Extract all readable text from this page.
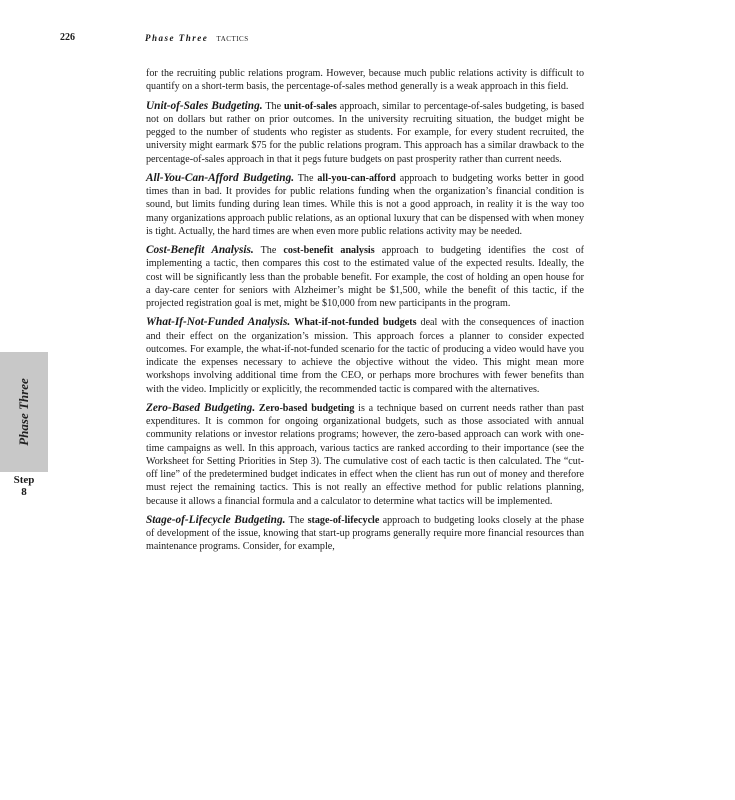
226	Phase Three TACTICS
Phase Three
Step
8

for the recruiting public relations program. However, because much public relations activity is difficult to quantify on a short-term basis, the percentage-of-sales method generally is a weak approach in this field.

Unit-of-Sales Budgeting. The unit-of-sales approach, similar to percentage-of-sales budgeting, is based not on dollars but rather on prior outcomes. In the university recruiting situation, the budget might be pegged to the number of students who register as students. For example, for every student recruited, the university might earmark $75 for the public relations program. This approach has a similar drawback to the percentage-of-sales approach in that it pegs future budgets on past prosperity rather than current needs.

All-You-Can-Afford Budgeting. The all-you-can-afford approach to budgeting works better in good times than in bad. It provides for public relations funding when the organization’s financial condition is sound, but limits funding during lean times. While this is not a good approach, in reality it is the way too many organizations approach public relations, as an optional luxury that can be dispensed with when money is tight. Actually, the hard times are when even more public relations activity may be needed.

Cost-Benefit Analysis. The cost-benefit analysis approach to budgeting identifies the cost of implementing a tactic, then compares this cost to the estimated value of the expected results. Ideally, the cost will be significantly less than the probable benefit. For example, the cost of holding an open house for a day-care center for seniors with Alzheimer’s might be $1,500, while the benefit of this tactic, if the projected registration goal is met, might be $10,000 from new participants in the program.

What-If-Not-Funded Analysis. What-if-not-funded budgets deal with the consequences of inaction and their effect on the organization’s mission. This approach forces a planner to consider expected outcomes. For example, the what-if-not-funded scenario for the tactic of producing a video would have you indicate the expenses necessary to achieve the objective without the video. This might mean more workshops involving additional time from the CEO, or perhaps more brochures with fewer benefits than with the video. Implicitly or explicitly, the recommended tactic is compared with the alternatives.

Zero-Based Budgeting. Zero-based budgeting is a technique based on current needs rather than past expenditures. It is common for ongoing organizational budgets, such as those associated with annual community relations or investor relations programs; however, the zero-based approach can work with one-time campaigns as well. In this approach, various tactics are ranked according to their importance (see the Worksheet for Setting Priorities in Step 3). The cumulative cost of each tactic is then calculated. The “cut-off line” of the predetermined budget indicates in effect when the client has run out of money and therefore must reject the remaining tactics. This is not really an effective method for public relations planning, because it allows a financial formula and a calculator to determine what tactics will be implemented.

Stage-of-Lifecycle Budgeting. The stage-of-lifecycle approach to budgeting looks closely at the phase of development of the issue, knowing that start-up programs generally require more financial resources than maintenance programs. Consider, for example,
